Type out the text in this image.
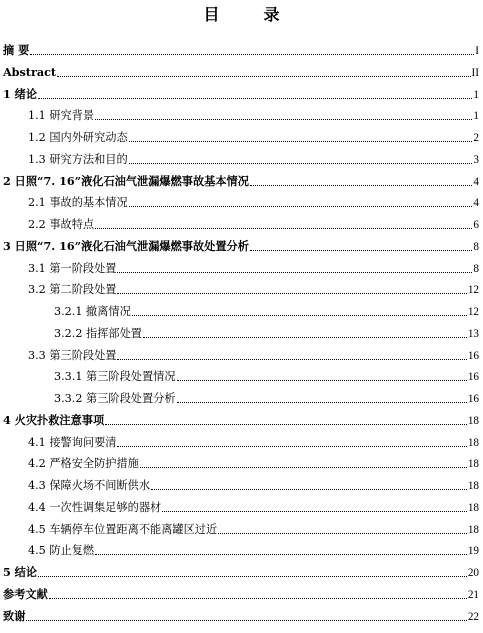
目　录
摘 要	I
Abstract	II
1 绪论	1
1.1 研究背景	1
1.2 国内外研究动态	2
1.3 研究方法和目的	3
2 日照“7. 16”液化石油气泄漏爆燃事故基本情况	4
2.1 事故的基本情况	4
2.2 事故特点	6
3 日照“7. 16”液化石油气泄漏爆燃事故处置分析	8
3.1 第一阶段处置	8
3.2 第二阶段处置	12
3.2.1 撤离情况	12
3.2.2 指挥部处置	13
3.3 第三阶段处置	16
3.3.1 第三阶段处置情况	16
3.3.2 第三阶段处置分析	16
4 火灾扑救注意事项	18
4.1 接警询问要清	18
4.2 严格安全防护措施	18
4.3 保障火场不间断供水	18
4.4 一次性调集足够的器材	18
4.5 车辆停车位置距离不能离罐区过近	18
4.5 防止复燃	19
5 结论	20
参考文献	21
致谢	22
